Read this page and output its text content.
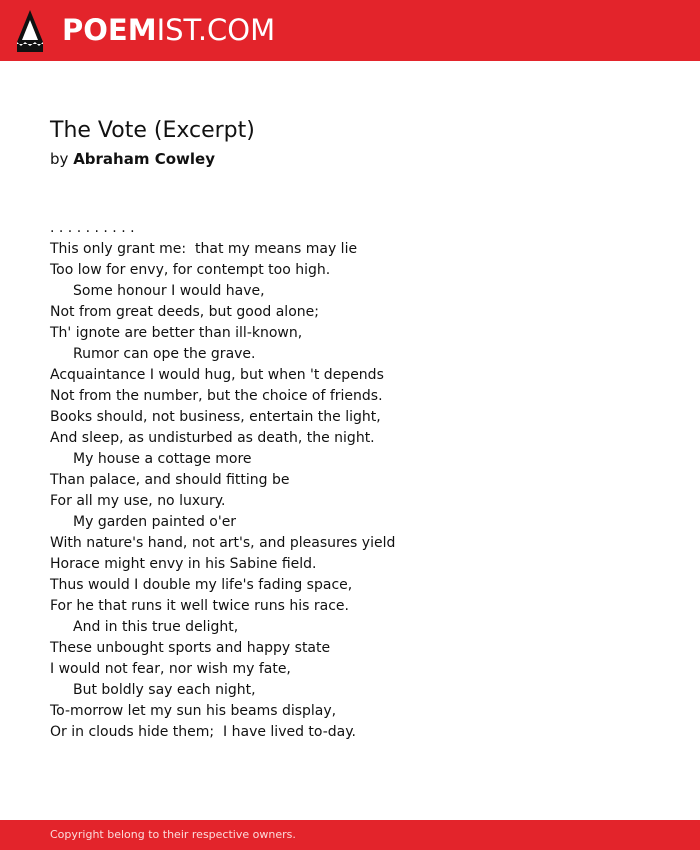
POEMIST.COM
The Vote (Excerpt)
by Abraham Cowley
. . . . . . . . . .
This only grant me:  that my means may lie
Too low for envy, for contempt too high.
Some honour I would have,
Not from great deeds, but good alone;
Th' ignote are better than ill-known,
Rumor can ope the grave.
Acquaintance I would hug, but when 't depends
Not from the number, but the choice of friends.
Books should, not business, entertain the light,
And sleep, as undisturbed as death, the night.
My house a cottage more
Than palace, and should fitting be
For all my use, no luxury.
My garden painted o'er
With nature's hand, not art's, and pleasures yield
Horace might envy in his Sabine field.
Thus would I double my life's fading space,
For he that runs it well twice runs his race.
And in this true delight,
These unbought sports and happy state
I would not fear, nor wish my fate,
But boldly say each night,
To-morrow let my sun his beams display,
Or in clouds hide them;  I have lived to-day.
Copyright belong to their respective owners.
